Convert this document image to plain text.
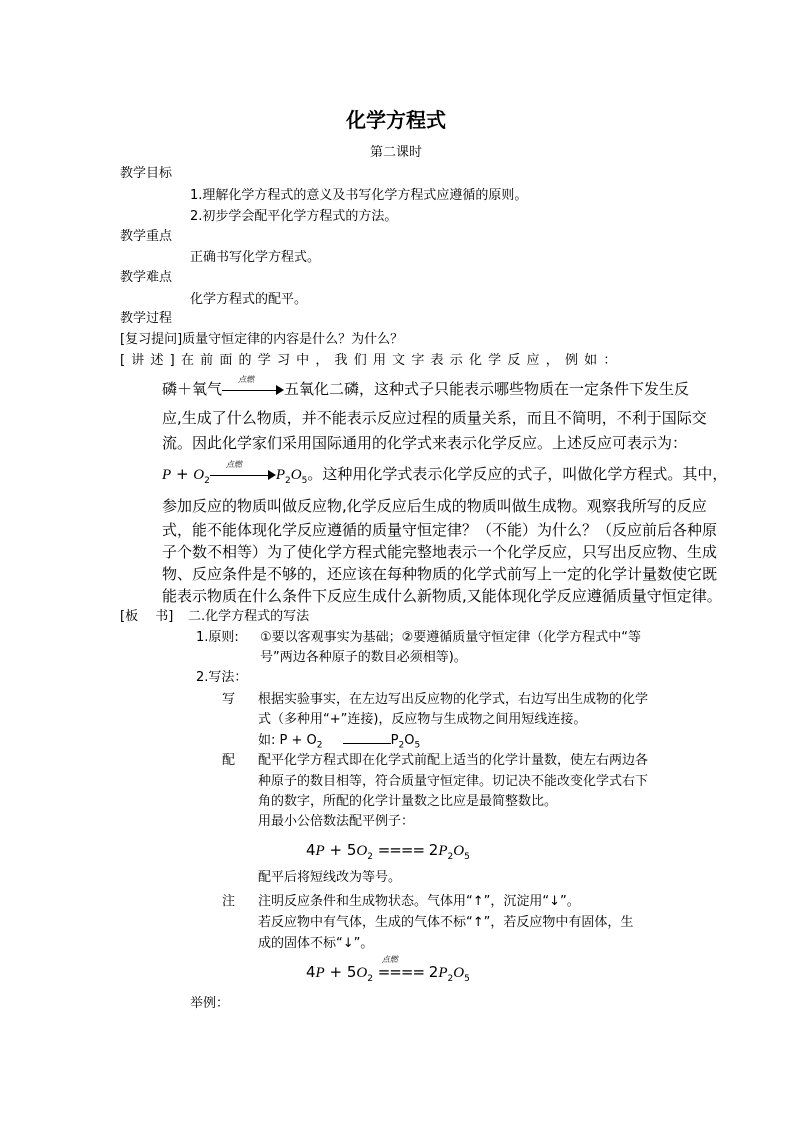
化学方程式
第二课时
教学目标
1.理解化学方程式的意义及书写化学方程式应遵循的原则。
2.初步学会配平化学方程式的方法。
教学重点
正确书写化学方程式。
教学难点
化学方程式的配平。
教学过程
[复习提问]质量守恒定律的内容是什么？为什么？
[讲述]在前面的学习中，我们用文字表示化学反应，例如：
磷＋氧气
点燃
五氧化二磷，这种式子只能表示哪些物质在一定条件下发生反
应,生成了什么物质，并不能表示反应过程的质量关系，而且不简明，不利于国际交
流。因此化学家们采用国际通用的化学式来表示化学反应。上述反应可表示为：
$P + O_2$
点燃
$P_2O_5$。这种用化学式表示化学反应的式子，叫做化学方程式。其中，
参加反应的物质叫做反应物,化学反应后生成的物质叫做生成物。观察我所写的反应
式，能不能体现化学反应遵循的质量守恒定律？（不能）为什么？（反应前后各种原
子个数不相等）为了使化学方程式能完整地表示一个化学反应，只写出反应物、生成
物、反应条件是不够的，还应该在每种物质的化学式前写上一定的化学计量数使它既
能表示物质在什么条件下反应生成什么新物质,又能体现化学反应遵循质量守恒定律。
[板　 书] 二.化学方程式的写法
1.原则: ①要以客观事实为基础；②要遵循质量守恒定律（化学方程式中“等
号”两边各种原子的数目必须相等)。
2.写法：
写 根据实验事实，在左边写出反应物的化学式，右边写出生成物的化学
式（多种用“+”连接)，反应物与生成物之间用短线连接。
如: $P + O_2$	$P_2O_5$
配 配平化学方程式即在化学式前配上适当的化学计量数，使左右两边各
种原子的数目相等，符合质量守恒定律。切记决不能改变化学式右下
角的数字，所配的化学计量数之比应是最简整数比。
用最小公倍数法配平例子：
$4P + 5O_2$ ==== $2P_2O_5$
配平后将短线改为等号。
注 注明反应条件和生成物状态。气体用“↑”，沉淀用“↓”。
若反应物中有气体，生成的气体不标“↑”，若反应物中有固体，生
成的固体不标“↓”。
$4P + 5O_2$
点燃
==== $2P_2O_5$
举例：
